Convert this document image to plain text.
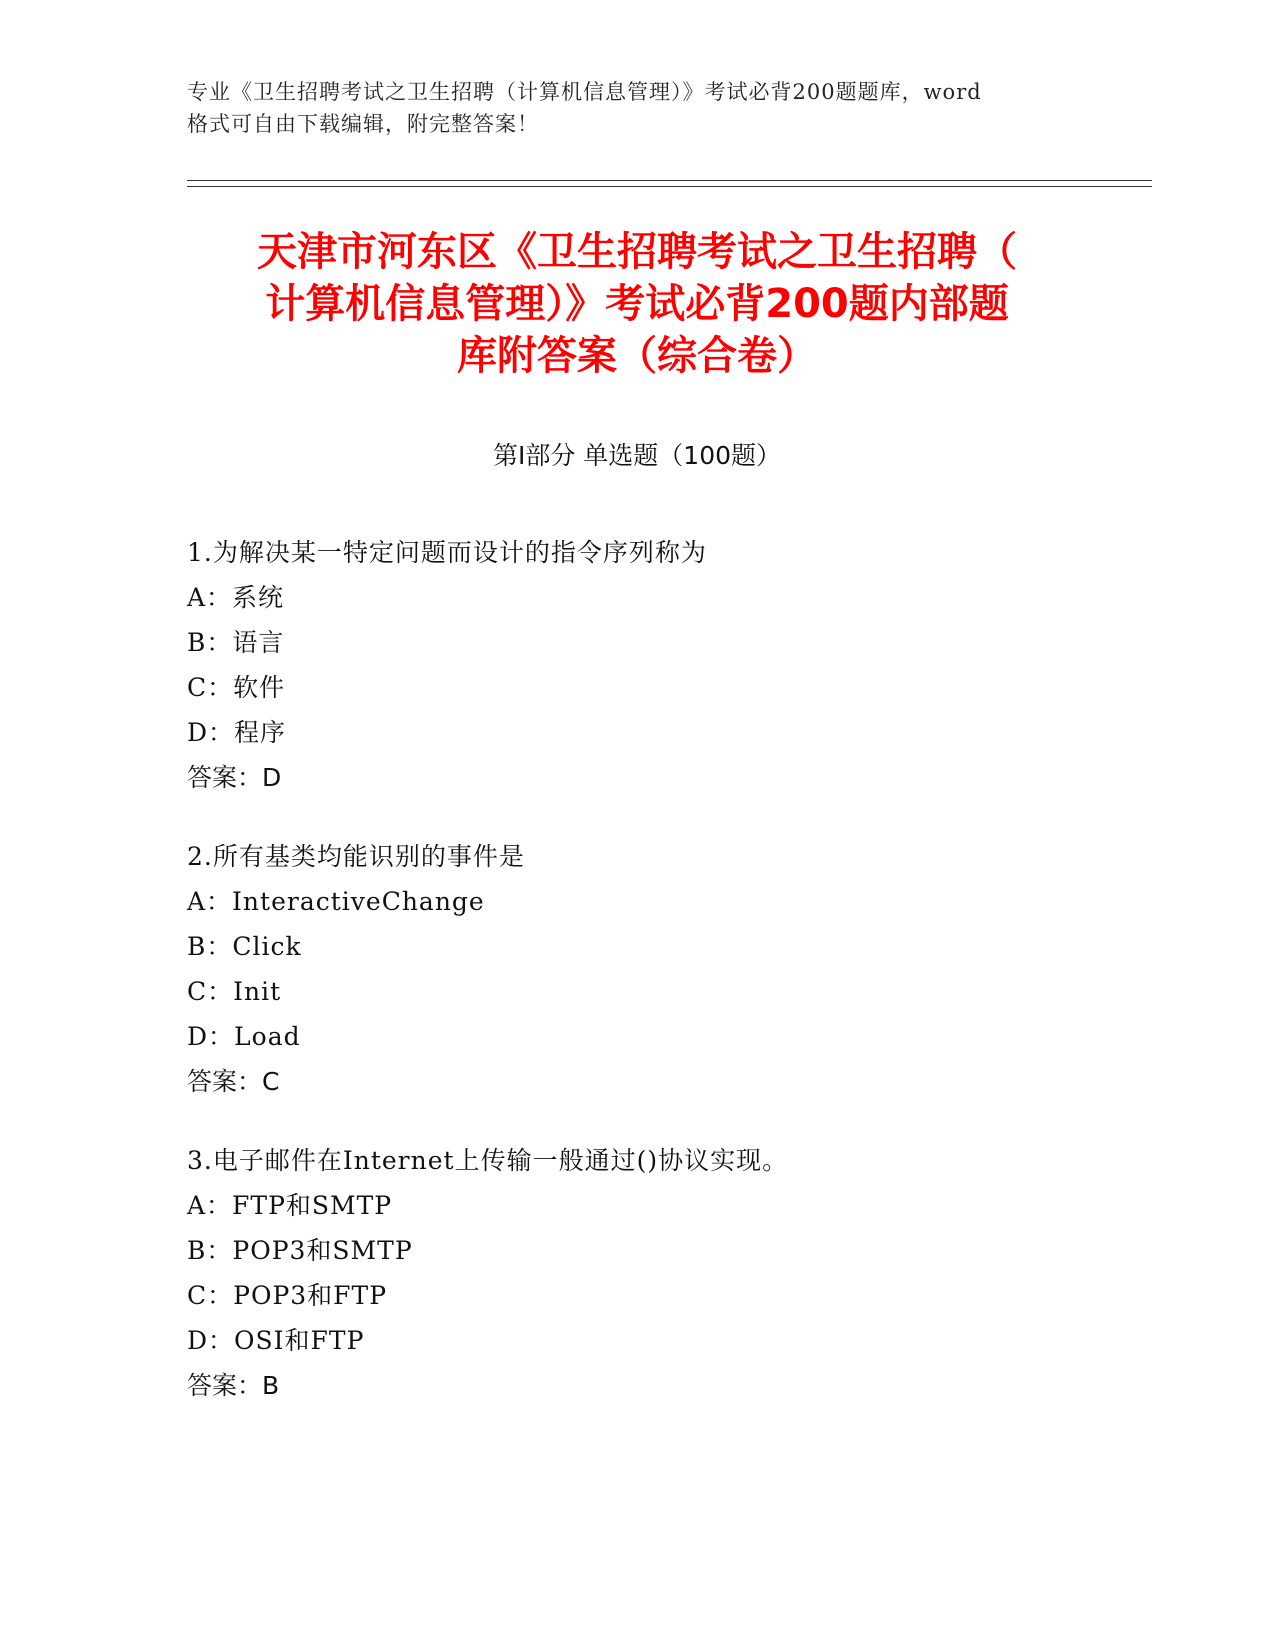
专业《卫生招聘考试之卫生招聘（计算机信息管理）》考试必背200题题库，word
格式可自由下载编辑，附完整答案！
天津市河东区《卫生招聘考试之卫生招聘（
计算机信息管理）》考试必背200题内部题
库附答案（综合卷）
第Ⅰ部分 单选题（100题）
1.为解决某一特定问题而设计的指令序列称为
A：系统
B：语言
C：软件
D：程序
答案：D
2.所有基类均能识别的事件是
A：InteractiveChange
B：Click
C：Init
D：Load
答案：C
3.电子邮件在Internet上传输一般通过()协议实现。
A：FTP和SMTP
B：POP3和SMTP
C：POP3和FTP
D：OSI和FTP
答案：B
